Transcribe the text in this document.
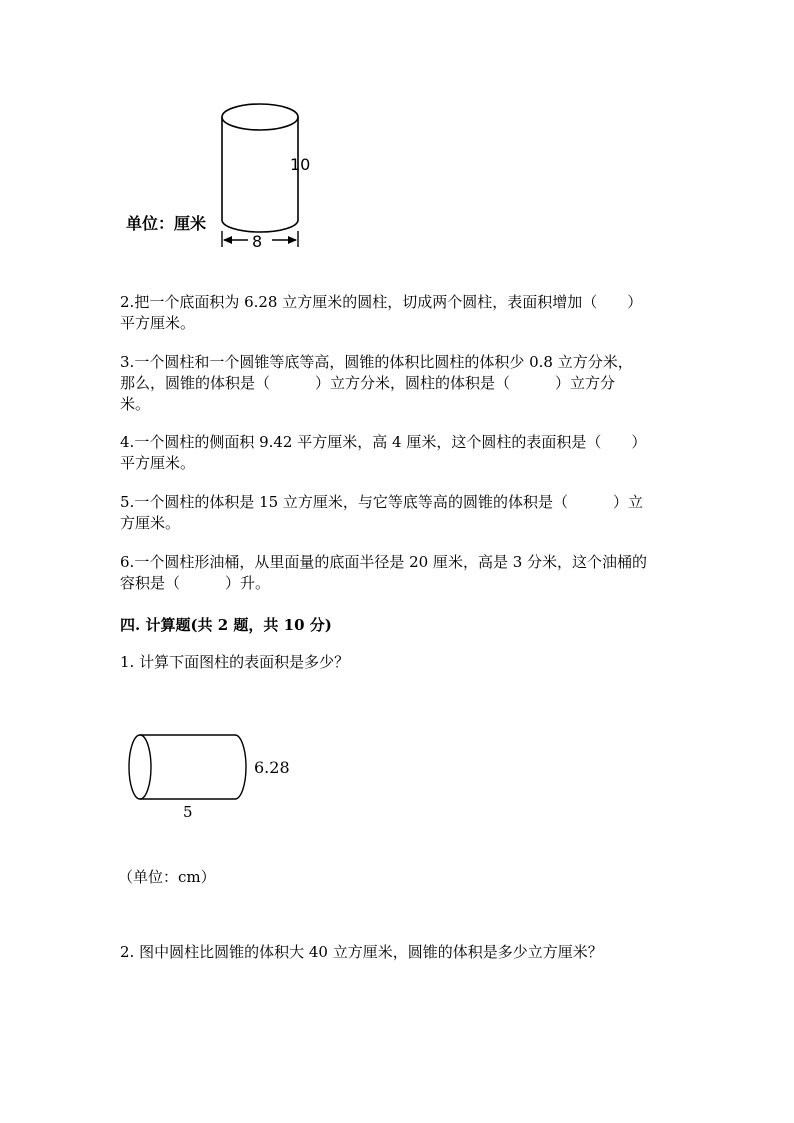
单位：厘米
10
8
2.把一个底面积为 6.28 立方厘米的圆柱，切成两个圆柱，表面积增加（　　）
平方厘米。
3.一个圆柱和一个圆锥等底等高，圆锥的体积比圆柱的体积少 0.8 立方分米，
那么，圆锥的体积是（　　　）立方分米，圆柱的体积是（　　　）立方分
米。
4.一个圆柱的侧面积 9.42 平方厘米，高 4 厘米，这个圆柱的表面积是（　　）
平方厘米。
5.一个圆柱的体积是 15 立方厘米，与它等底等高的圆锥的体积是（　　　）立
方厘米。
6.一个圆柱形油桶，从里面量的底面半径是 20 厘米，高是 3 分米，这个油桶的
容积是（　　　）升。
四. 计算题(共 2 题，共 10 分)
1. 计算下面图柱的表面积是多少？
6.28
5
（单位：cm）
2. 图中圆柱比圆锥的体积大 40 立方厘米，圆锥的体积是多少立方厘米？
